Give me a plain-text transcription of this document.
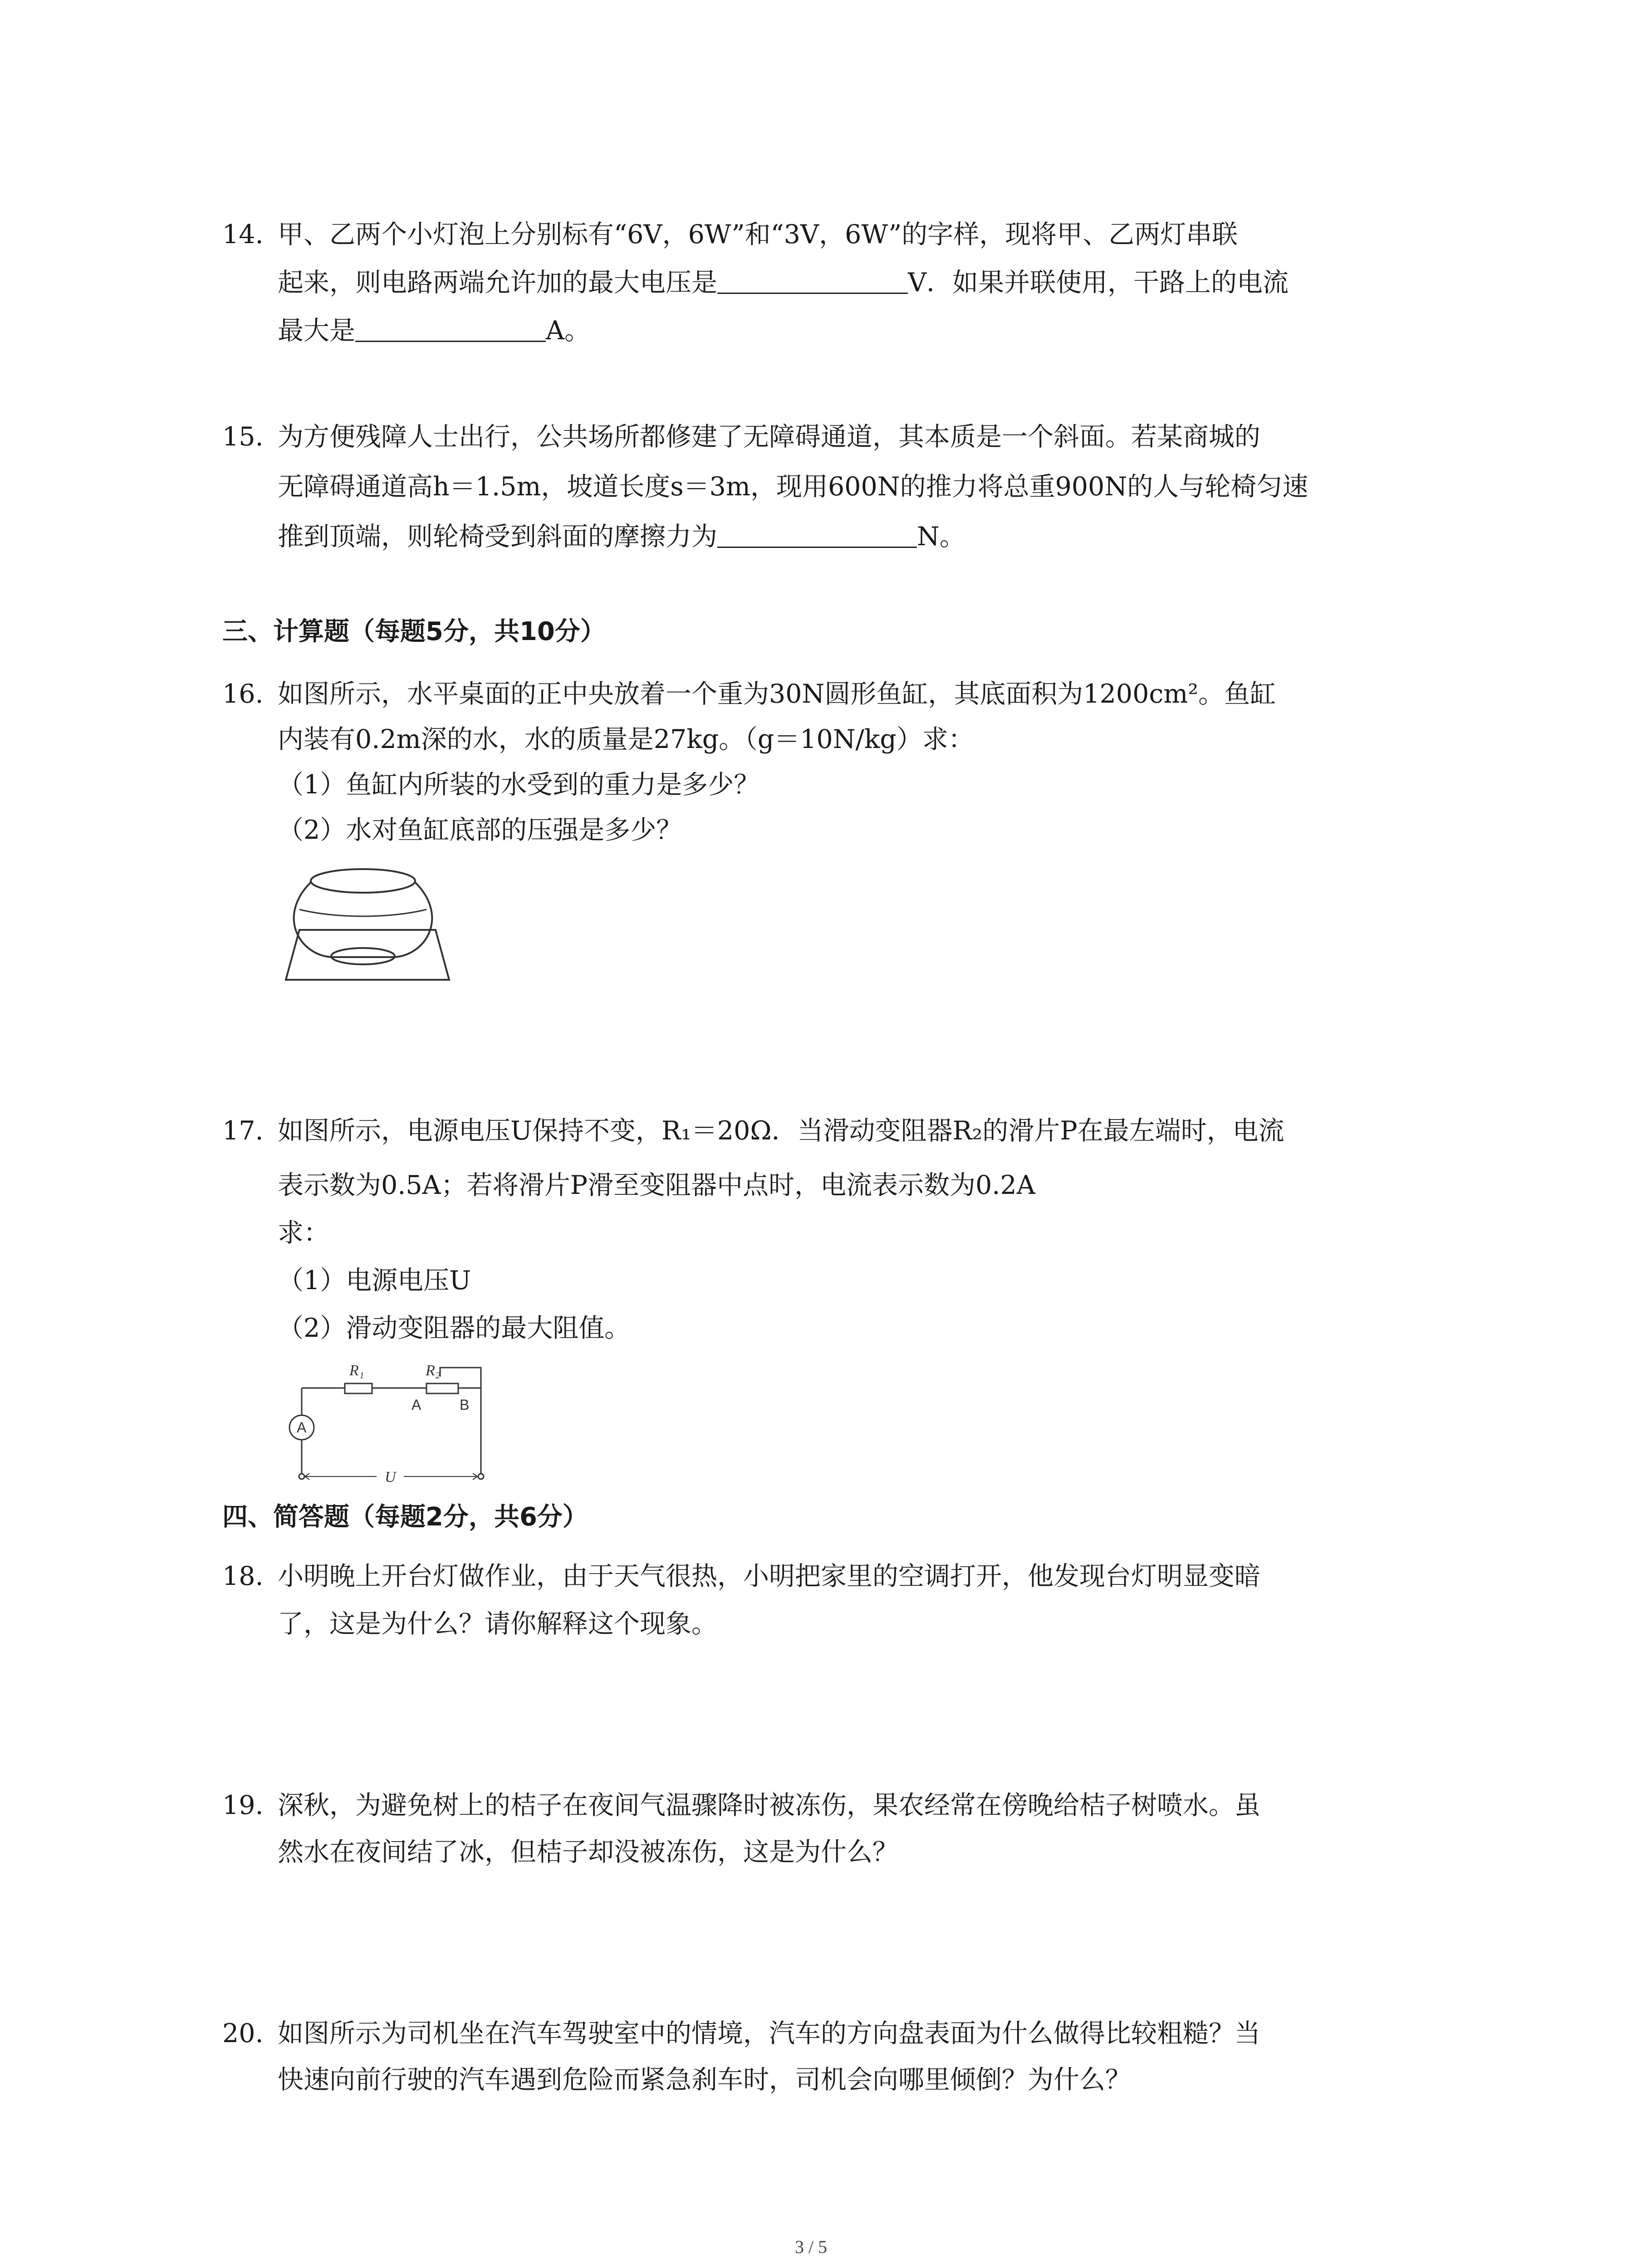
14. 甲、乙两个小灯泡上分别标有“6V，6W”和“3V，6W”的字样，现将甲、乙两灯串联
起来，则电路两端允许加的最大电压是	V．如果并联使用，干路上的电流
最大是	A。
15. 为方便残障人士出行，公共场所都修建了无障碍通道，其本质是一个斜面。若某商城的
无障碍通道高h＝1.5m，坡道长度s＝3m，现用600N的推力将总重900N的人与轮椅匀速
推到顶端，则轮椅受到斜面的摩擦力为	N。
三、计算题（每题5分，共10分）
16. 如图所示，水平桌面的正中央放着一个重为30N圆形鱼缸，其底面积为1200cm²。鱼缸
内装有0.2m深的水，水的质量是27kg。（g＝10N/kg）求：
（1）鱼缸内所装的水受到的重力是多少？
（2）水对鱼缸底部的压强是多少？
17. 如图所示，电源电压U保持不变，R₁＝20Ω．当滑动变阻器R₂的滑片P在最左端时，电流
表示数为0.5A；若将滑片P滑至变阻器中点时，电流表示数为0.2A
求：
（1）电源电压U
（2）滑动变阻器的最大阻值。
R₁	R₂
U
A	B
A
四、简答题（每题2分，共6分）
18. 小明晚上开台灯做作业，由于天气很热，小明把家里的空调打开，他发现台灯明显变暗
了，这是为什么？请你解释这个现象。
19. 深秋，为避免树上的桔子在夜间气温骤降时被冻伤，果农经常在傍晚给桔子树喷水。虽
然水在夜间结了冰，但桔子却没被冻伤，这是为什么？
20. 如图所示为司机坐在汽车驾驶室中的情境，汽车的方向盘表面为什么做得比较粗糙？当
快速向前行驶的汽车遇到危险而紧急刹车时，司机会向哪里倾倒？为什么？
3 / 5
